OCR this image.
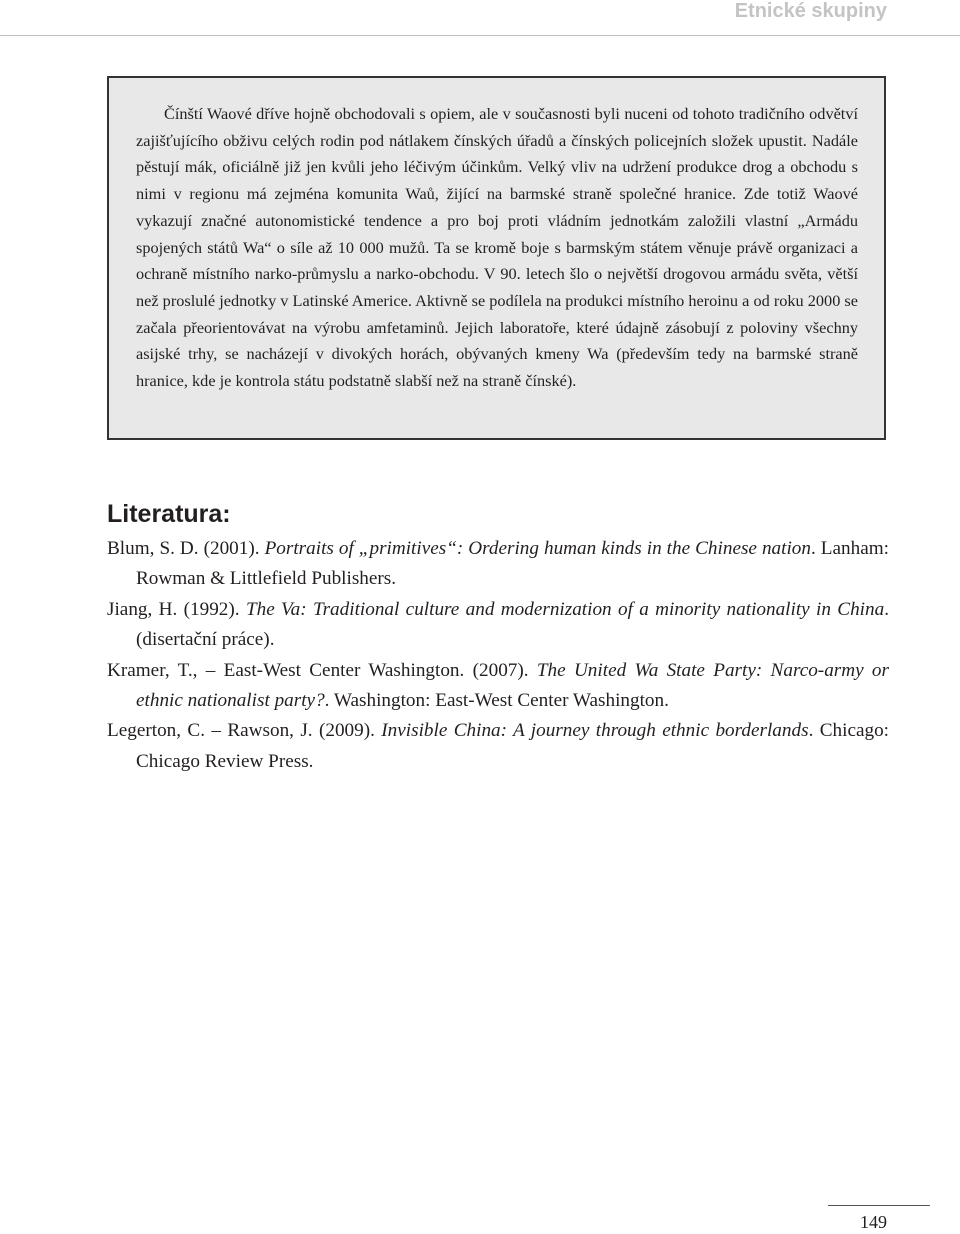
Etnické skupiny

Čínští Waové dříve hojně obchodovali s opiem, ale v současnosti byli nuceni od tohoto tradičního odvětví zajišťujícího obživu celých rodin pod nátlakem čínských úřadů a čínských policejních složek upustit. Nadále pěstují mák, oficiálně již jen kvůli jeho léčivým účinkům. Velký vliv na udržení produkce drog a obchodu s nimi v regionu má zejména komunita Waů, žijící na barmské straně společné hranice. Zde totiž Waové vykazují značné autonomistické tendence a pro boj proti vládním jednotkám založili vlastní „Armádu spojených států Wa“ o síle až 10 000 mužů. Ta se kromě boje s barmským státem věnuje právě organizaci a ochraně místního narko-průmyslu a narko-obchodu. V 90. letech šlo o největší drogovou armádu světa, větší než proslulé jednotky v Latinské Americe. Aktivně se podílela na produkci místního heroinu a od roku 2000 se začala přeorientovávat na výrobu amfetaminů. Jejich laboratoře, které údajně zásobují z poloviny všechny asijské trhy, se nacházejí v divokých horách, obývaných kmeny Wa (především tedy na barmské straně hranice, kde je kontrola státu podstatně slabší než na straně čínské).

Literatura:
Blum, S. D. (2001). Portraits of „primitives“: Ordering human kinds in the Chinese nation. Lanham: Rowman & Littlefield Publishers.
Jiang, H. (1992). The Va: Traditional culture and modernization of a minority nationality in China. (disertační práce).
Kramer, T., – East-West Center Washington. (2007). The United Wa State Party: Narco-army or ethnic nationalist party?. Washington: East-West Center Washington.
Legerton, C. – Rawson, J. (2009). Invisible China: A journey through ethnic borderlands. Chicago: Chicago Review Press.
149
